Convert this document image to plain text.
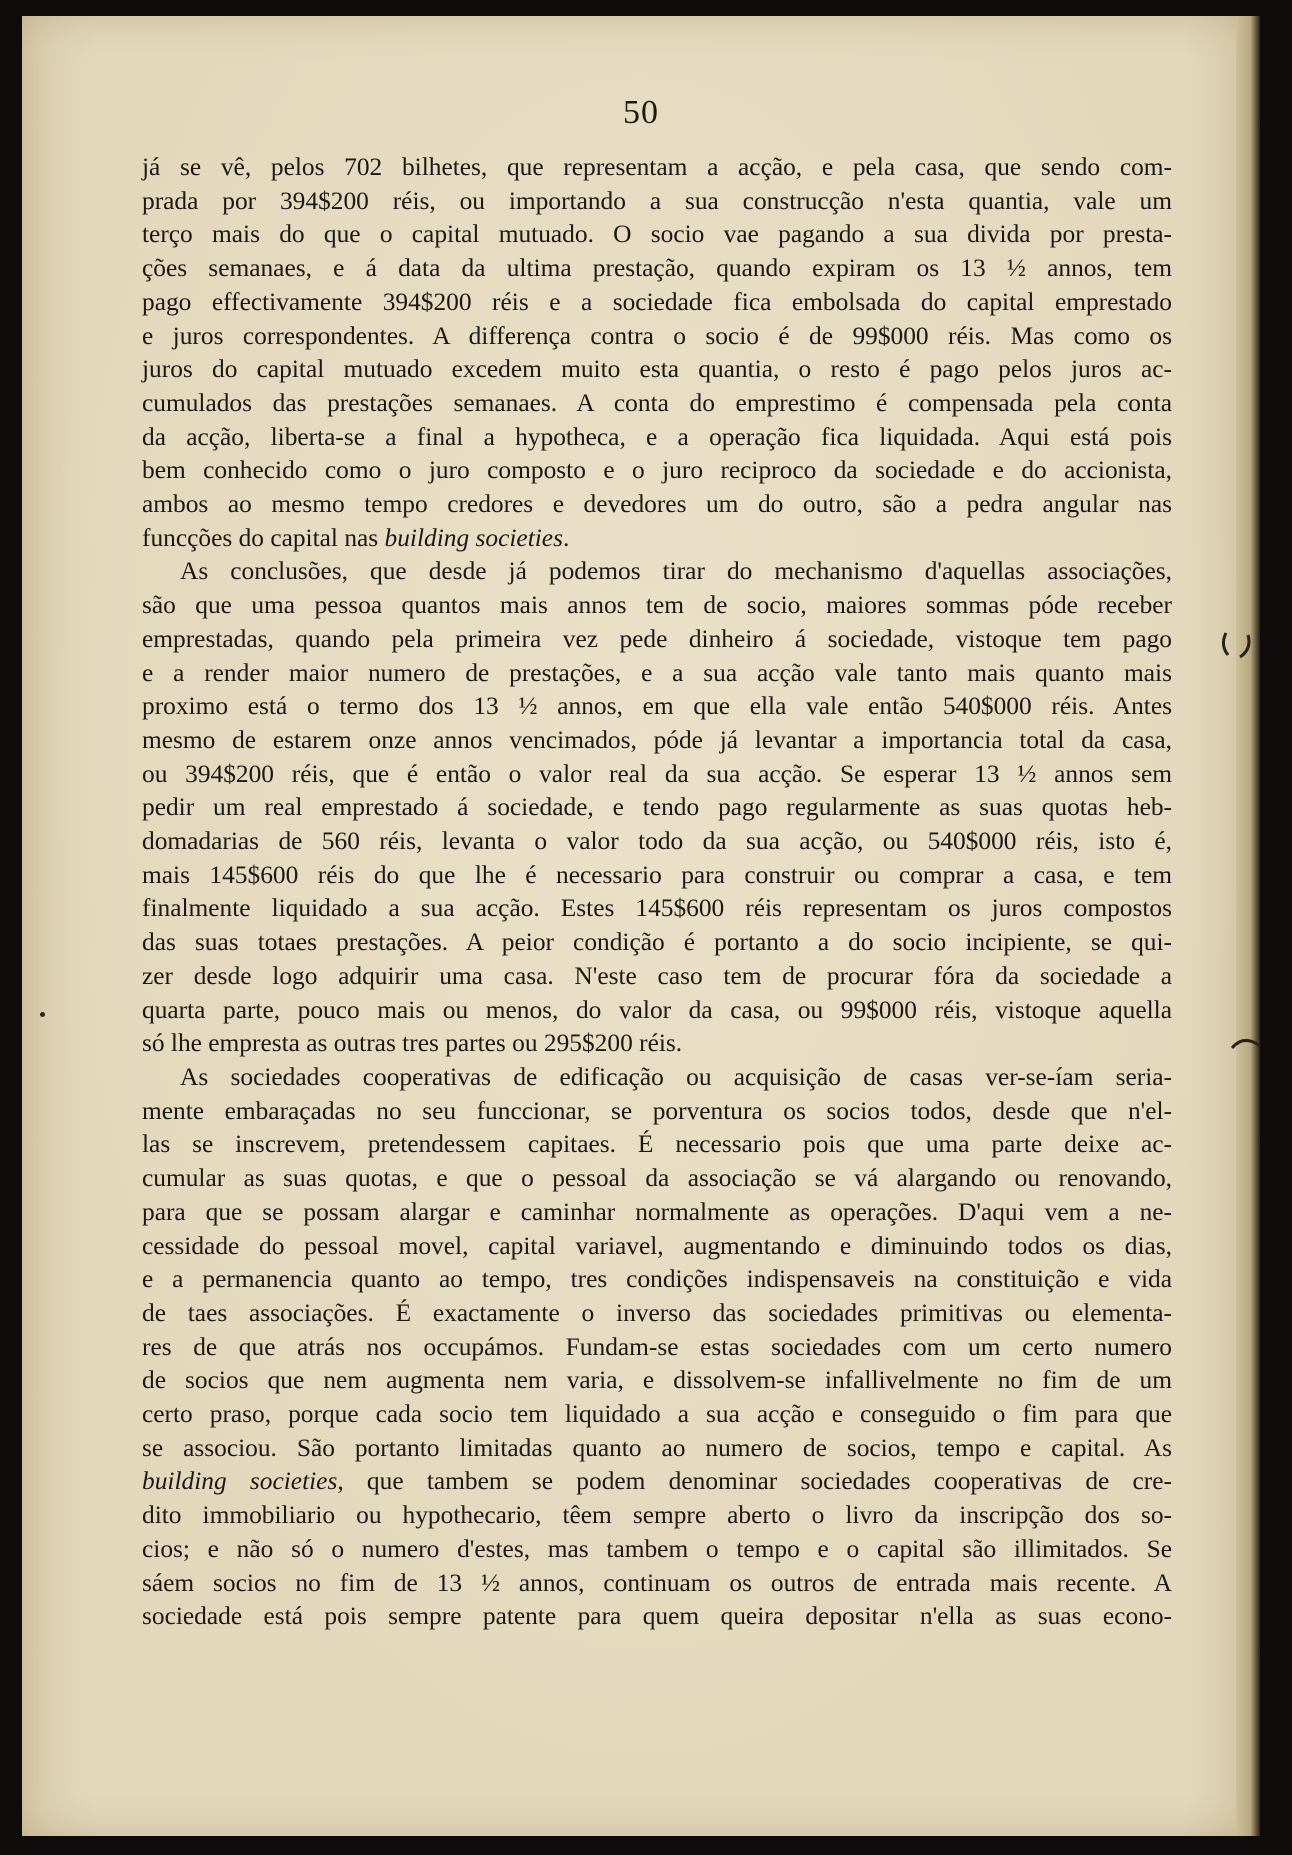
50
já se vê, pelos 702 bilhetes, que representam a acção, e pela casa, que sendo com-
prada por 394$200 réis, ou importando a sua construcção n'esta quantia, vale um
terço mais do que o capital mutuado. O socio vae pagando a sua divida por presta-
ções semanaes, e á data da ultima prestação, quando expiram os 13 ½ annos, tem
pago effectivamente 394$200 réis e a sociedade fica embolsada do capital emprestado
e juros correspondentes. A differença contra o socio é de 99$000 réis. Mas como os
juros do capital mutuado excedem muito esta quantia, o resto é pago pelos juros ac-
cumulados das prestações semanaes. A conta do emprestimo é compensada pela conta
da acção, liberta-se a final a hypotheca, e a operação fica liquidada. Aqui está pois
bem conhecido como o juro composto e o juro reciproco da sociedade e do accionista,
ambos ao mesmo tempo credores e devedores um do outro, são a pedra angular nas
funcções do capital nas building societies.
As conclusões, que desde já podemos tirar do mechanismo d'aquellas associações,
são que uma pessoa quantos mais annos tem de socio, maiores sommas póde receber
emprestadas, quando pela primeira vez pede dinheiro á sociedade, vistoque tem pago
e a render maior numero de prestações, e a sua acção vale tanto mais quanto mais
proximo está o termo dos 13 ½ annos, em que ella vale então 540$000 réis. Antes
mesmo de estarem onze annos vencimados, póde já levantar a importancia total da casa,
ou 394$200 réis, que é então o valor real da sua acção. Se esperar 13 ½ annos sem
pedir um real emprestado á sociedade, e tendo pago regularmente as suas quotas heb-
domadarias de 560 réis, levanta o valor todo da sua acção, ou 540$000 réis, isto é,
mais 145$600 réis do que lhe é necessario para construir ou comprar a casa, e tem
finalmente liquidado a sua acção. Estes 145$600 réis representam os juros compostos
das suas totaes prestações. A peior condição é portanto a do socio incipiente, se qui-
zer desde logo adquirir uma casa. N'este caso tem de procurar fóra da sociedade a
quarta parte, pouco mais ou menos, do valor da casa, ou 99$000 réis, vistoque aquella
só lhe empresta as outras tres partes ou 295$200 réis.
As sociedades cooperativas de edificação ou acquisição de casas ver-se-íam seria-
mente embaraçadas no seu funccionar, se porventura os socios todos, desde que n'el-
las se inscrevem, pretendessem capitaes. É necessario pois que uma parte deixe ac-
cumular as suas quotas, e que o pessoal da associação se vá alargando ou renovando,
para que se possam alargar e caminhar normalmente as operações. D'aqui vem a ne-
cessidade do pessoal movel, capital variavel, augmentando e diminuindo todos os dias,
e a permanencia quanto ao tempo, tres condições indispensaveis na constituição e vida
de taes associações. É exactamente o inverso das sociedades primitivas ou elementa-
res de que atrás nos occupámos. Fundam-se estas sociedades com um certo numero
de socios que nem augmenta nem varia, e dissolvem-se infallivelmente no fim de um
certo praso, porque cada socio tem liquidado a sua acção e conseguido o fim para que
se associou. São portanto limitadas quanto ao numero de socios, tempo e capital. As
building societies, que tambem se podem denominar sociedades cooperativas de cre-
dito immobiliario ou hypothecario, têem sempre aberto o livro da inscripção dos so-
cios; e não só o numero d'estes, mas tambem o tempo e o capital são illimitados. Se
sáem socios no fim de 13 ½ annos, continuam os outros de entrada mais recente. A
sociedade está pois sempre patente para quem queira depositar n'ella as suas econo-
